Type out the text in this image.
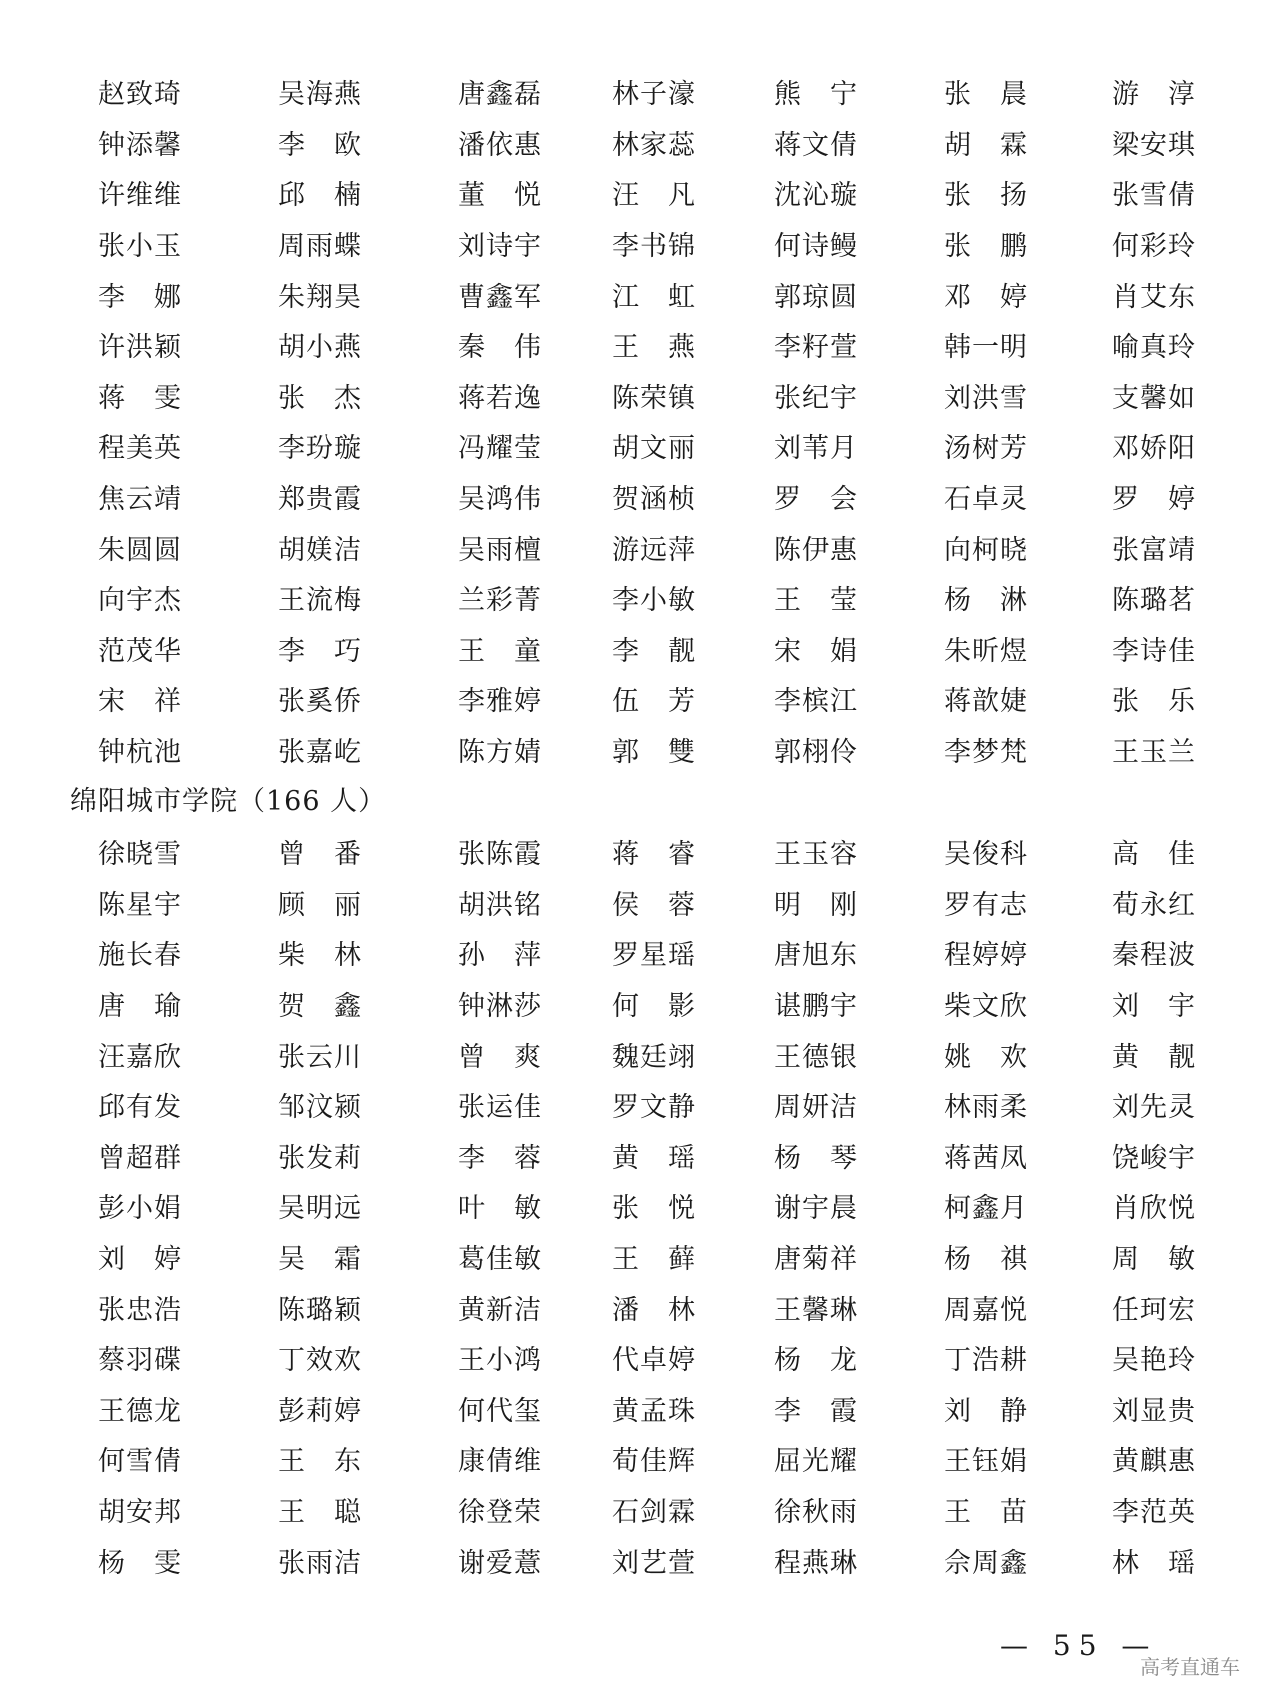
赵致琦	吴海燕	唐鑫磊	林子濠	熊　宁	张　晨	游　淳
钟添馨	李　欧	潘依惠	林家蕊	蒋文倩	胡　霖	梁安琪
许维维	邱　楠	董　悦	汪　凡	沈沁璇	张　扬	张雪倩
张小玉	周雨蝶	刘诗宇	李书锦	何诗鳗	张　鹏	何彩玲
李　娜	朱翔昊	曹鑫军	江　虹	郭琼圆	邓　婷	肖艾东
许洪颖	胡小燕	秦　伟	王　燕	李籽萱	韩一明	喻真玲
蒋　雯	张　杰	蒋若逸	陈荣镇	张纪宇	刘洪雪	支馨如
程美英	李玢璇	冯耀莹	胡文丽	刘苇月	汤树芳	邓娇阳
焦云靖	郑贵霞	吴鸿伟	贺涵桢	罗　会	石卓灵	罗　婷
朱圆圆	胡媄洁	吴雨檀	游远萍	陈伊惠	向柯晓	张富靖
向宇杰	王流梅	兰彩菁	李小敏	王　莹	杨　淋	陈璐茗
范茂华	李　巧	王　童	李　靓	宋　娟	朱昕煜	李诗佳
宋　祥	张奚侨	李雅婷	伍　芳	李槟江	蒋歆婕	张　乐
钟杭池	张嘉屹	陈方婧	郭　雙	郭栩伶	李梦梵	王玉兰
绵阳城市学院（166 人）
徐晓雪	曾　番	张陈霞	蒋　睿	王玉容	吴俊科	高　佳
陈星宇	顾　丽	胡洪铭	侯　蓉	明　刚	罗有志	荀永红
施长春	柴　林	孙　萍	罗星瑶	唐旭东	程婷婷	秦程波
唐　瑜	贺　鑫	钟淋莎	何　影	谌鹏宇	柴文欣	刘　宇
汪嘉欣	张云川	曾　爽	魏廷翊	王德银	姚　欢	黄　靓
邱有发	邹汶颍	张运佳	罗文静	周妍洁	林雨柔	刘先灵
曾超群	张发莉	李　蓉	黄　瑶	杨　琴	蒋茜凤	饶峻宇
彭小娟	吴明远	叶　敏	张　悦	谢宇晨	柯鑫月	肖欣悦
刘　婷	吴　霜	葛佳敏	王　藓	唐菊祥	杨　祺	周　敏
张忠浩	陈璐颖	黄新洁	潘　林	王馨琳	周嘉悦	任珂宏
蔡羽碟	丁效欢	王小鸿	代卓婷	杨　龙	丁浩耕	吴艳玲
王德龙	彭莉婷	何代玺	黄孟珠	李　霞	刘　静	刘显贵
何雪倩	王　东	康倩维	荀佳辉	屈光耀	王钰娟	黄麒惠
胡安邦	王　聪	徐登荣	石剑霖	徐秋雨	王　苗	李范英
杨　雯	张雨洁	谢爱薏	刘艺萱	程燕琳	佘周鑫	林　瑶
— 55 —
高考直通车
